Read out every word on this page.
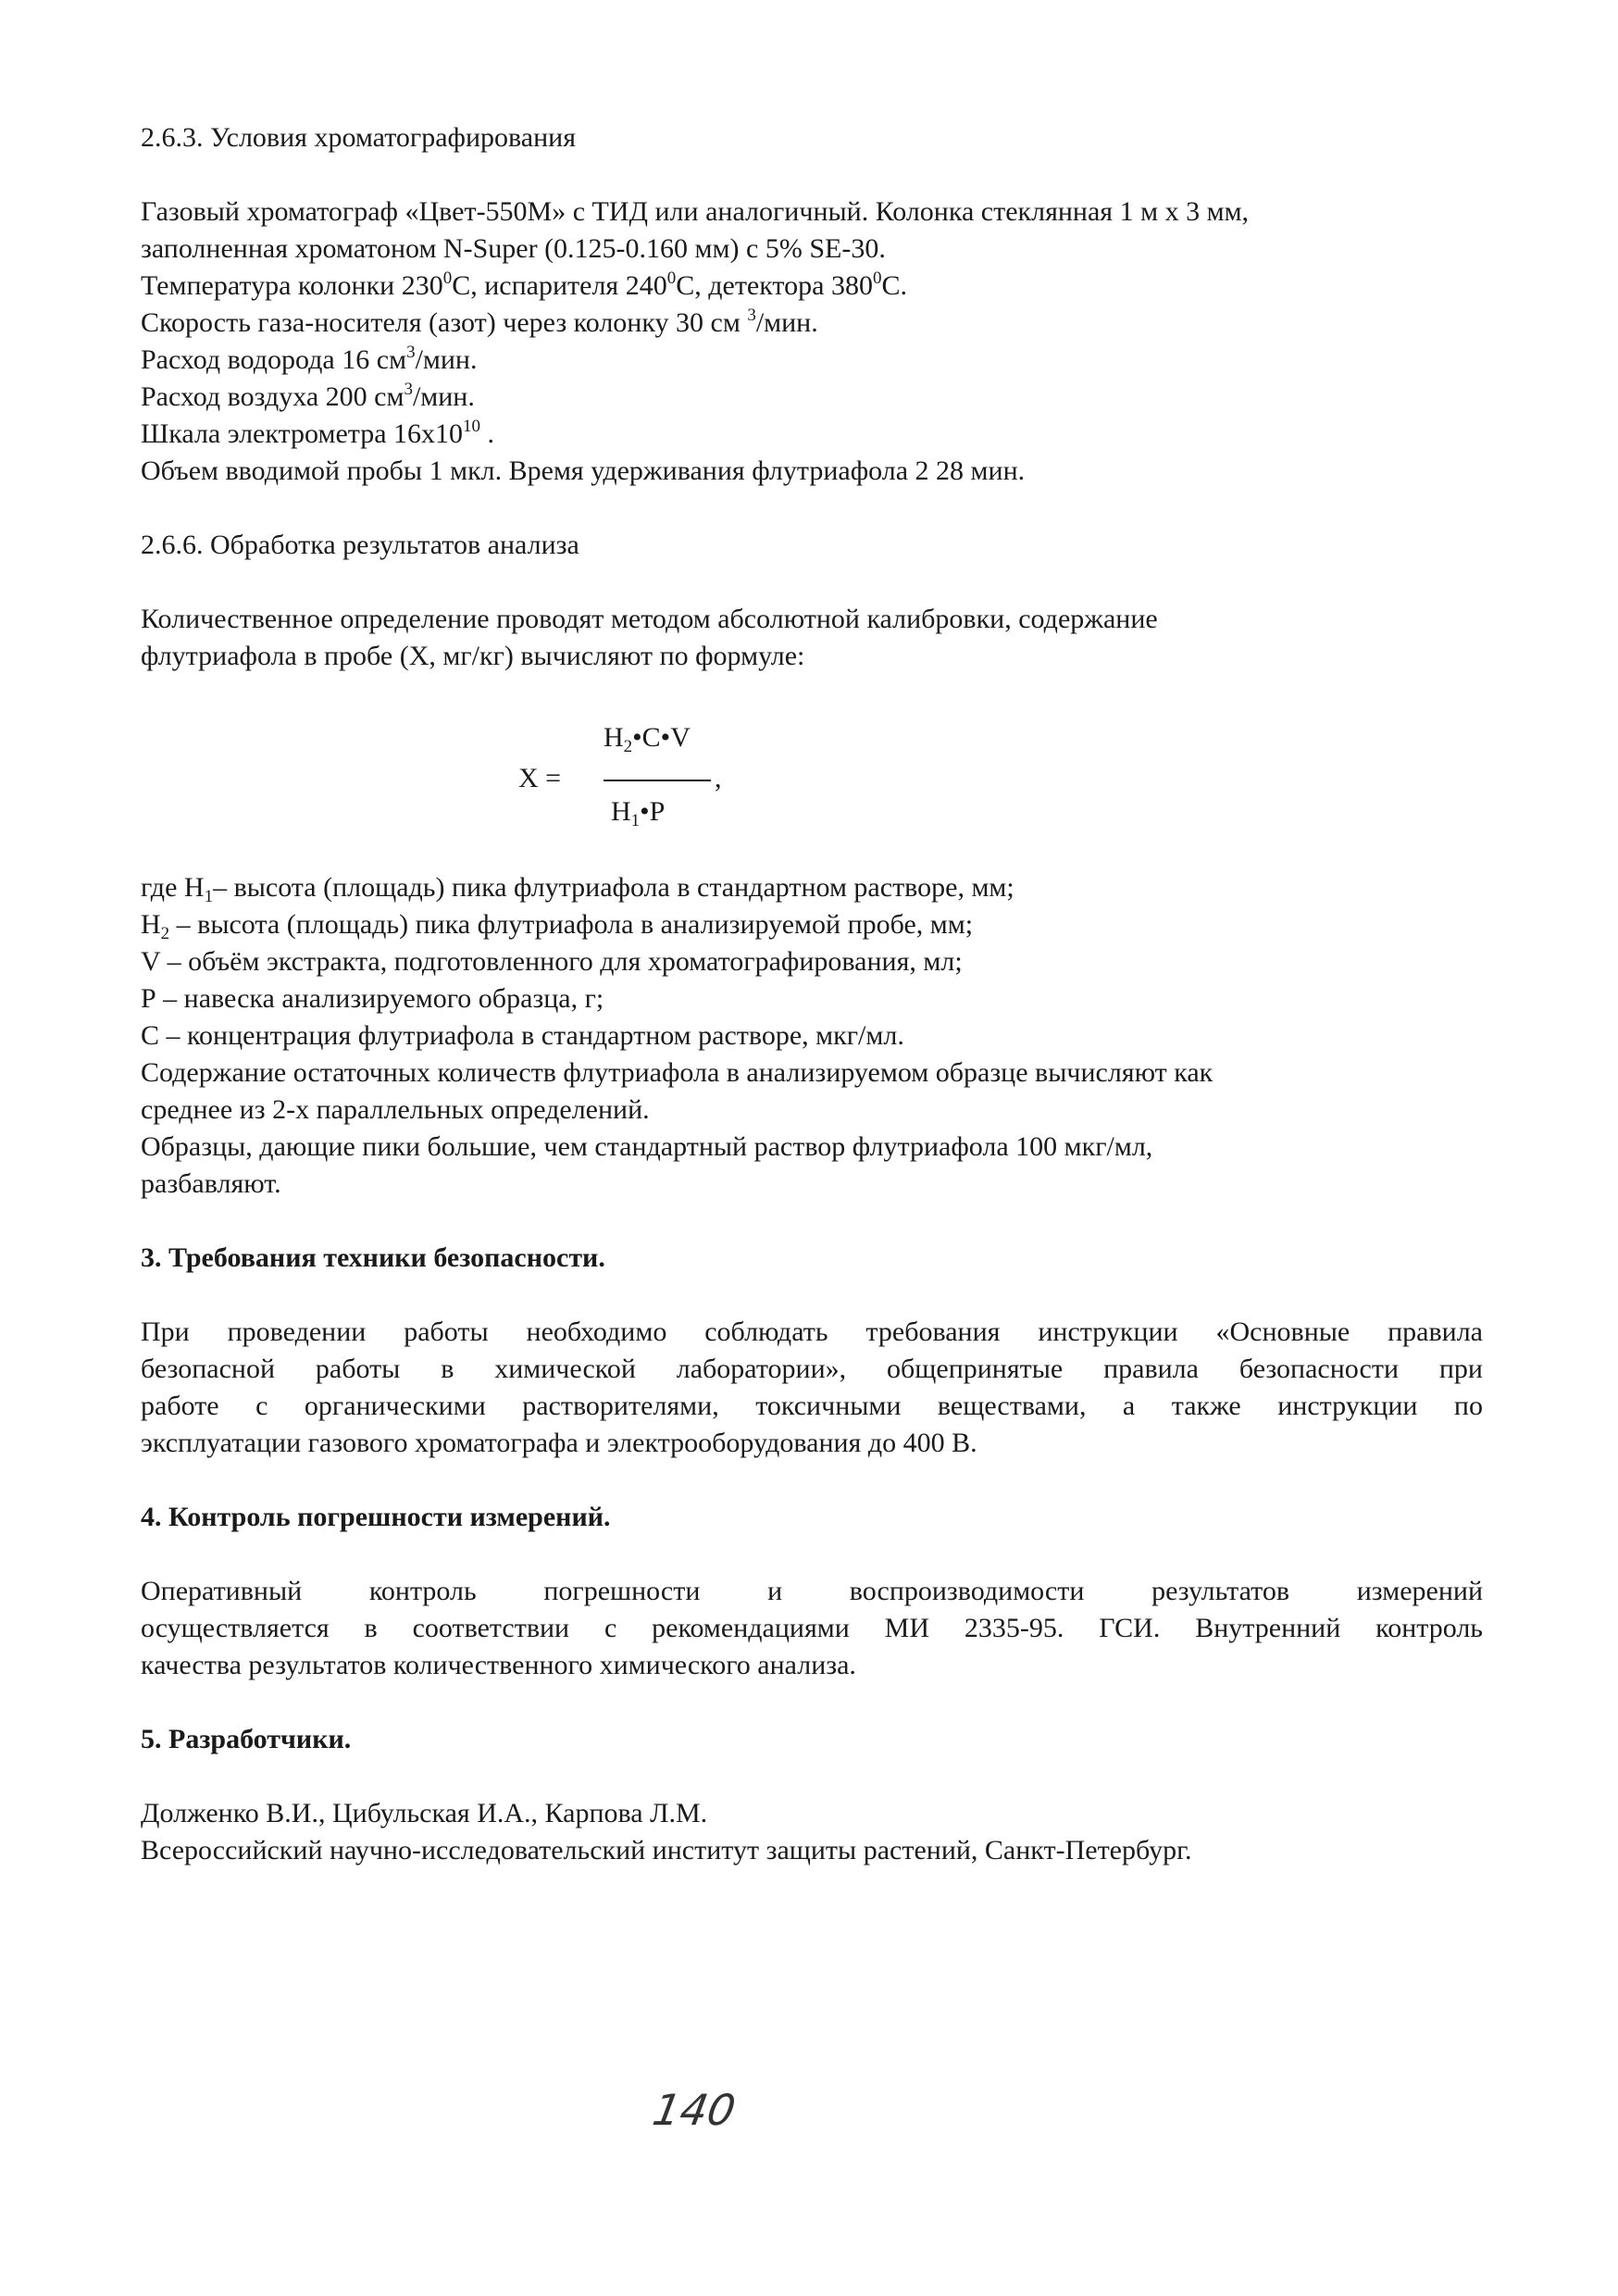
2.6.3. Условия хроматографирования
Газовый хроматограф «Цвет-550М» с ТИД или аналогичный. Колонка стеклянная 1 м х 3 мм,
заполненная хроматоном N-Super (0.125-0.160 мм) с 5% SE-30.
Температура колонки $230^0С$, испарителя $240^0С$, детектора $380^0С$.
Скорость газа-носителя (азот) через колонку 30 см $^3$/мин.
Расход водорода 16 $см^3$/мин.
Расход воздуха 200 $см^3$/мин.
Шкала электрометра $16х10^{10}$ .
Объем вводимой пробы 1 мкл. Время удерживания флутриафола 2 28 мин.
2.6.6. Обработка результатов анализа
Количественное определение проводят методом абсолютной калибровки, содержание
флутриафола в пробе (Х, мг/кг) вычисляют по формуле:
Х =
$H_2•С•V$
,
$H_1•Р$
где $Н_1-$ высота (площадь) пика флутриафола в стандартном растворе, мм;
$Н_2$ – высота (площадь) пика флутриафола в анализируемой пробе, мм;
V – объём экстракта, подготовленного для хроматографирования, мл;
Р – навеска анализируемого образца, г;
С – концентрация флутриафола в стандартном растворе, мкг/мл.
Содержание остаточных количеств флутриафола в анализируемом образце вычисляют как
среднее из 2-х параллельных определений.
Образцы, дающие пики большие, чем стандартный раствор флутриафола 100 мкг/мл,
разбавляют.
3. Требования техники безопасности.
При проведении работы необходимо соблюдать требования инструкции «Основные правила
безопасной работы в химической лаборатории», общепринятые правила безопасности при
работе с органическими растворителями, токсичными веществами, а также инструкции по
эксплуатации газового хроматографа и электрооборудования до 400 В.
4. Контроль погрешности измерений.
Оперативный контроль погрешности и воспроизводимости результатов измерений
осуществляется в соответствии с рекомендациями МИ 2335-95. ГСИ. Внутренний контроль
качества результатов количественного химического анализа.
5. Разработчики.
Долженко В.И., Цибульская И.А., Карпова Л.М.
Всероссийский научно-исследовательский институт защиты растений, Санкт-Петербург.
140
